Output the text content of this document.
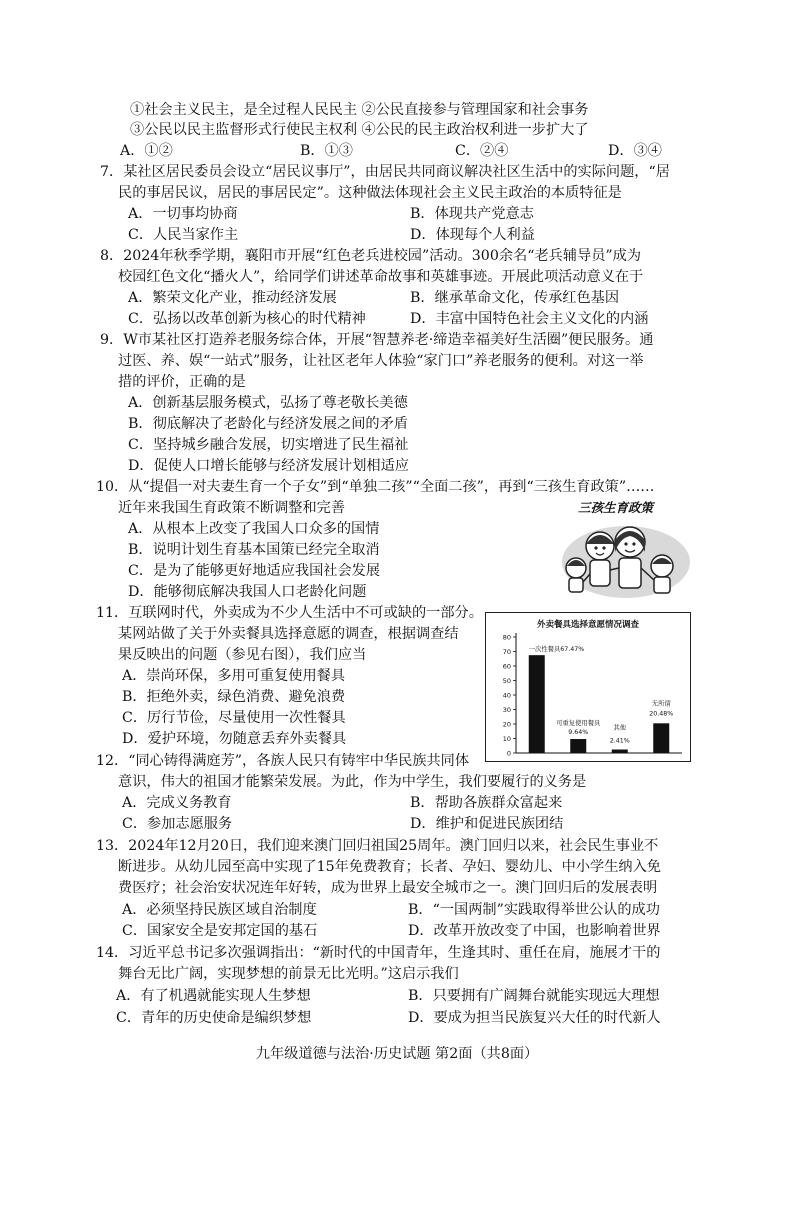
①社会主义民主，是全过程人民民主 ②公民直接参与管理国家和社会事务
③公民以民主监督形式行使民主权利 ④公民的民主政治权利进一步扩大了
A．①②	B．①③	C．②④	D．③④
7．某社区居民委员会设立“居民议事厅”，由居民共同商议解决社区生活中的实际问题，“居
民的事居民议，居民的事居民定”。这种做法体现社会主义民主政治的本质特征是
A．一切事均协商	B．体现共产党意志
C．人民当家作主	D．体现每个人利益
8．2024年秋季学期，襄阳市开展“红色老兵进校园”活动。300余名“老兵辅导员”成为
校园红色文化“播火人”，给同学们讲述革命故事和英雄事迹。开展此项活动意义在于
A．繁荣文化产业，推动经济发展	B．继承革命文化，传承红色基因
C．弘扬以改革创新为核心的时代精神	D．丰富中国特色社会主义文化的内涵
9．W市某社区打造养老服务综合体，开展“智慧养老·缔造幸福美好生活圈”便民服务。通
过医、养、娱“一站式”服务，让社区老年人体验“家门口”养老服务的便利。对这一举
措的评价，正确的是
A．创新基层服务模式，弘扬了尊老敬长美德
B．彻底解决了老龄化与经济发展之间的矛盾
C．坚持城乡融合发展，切实增进了民生福祉
D．促使人口增长能够与经济发展计划相适应
10．从“提倡一对夫妻生育一个子女”到“单独二孩”“全面二孩”，再到“三孩生育政策”……
近年来我国生育政策不断调整和完善
A．从根本上改变了我国人口众多的国情
B．说明计划生育基本国策已经完全取消
C．是为了能够更好地适应我国社会发展
D．能够彻底解决我国人口老龄化问题
三孩生育政策
11．互联网时代，外卖成为不少人生活中不可或缺的一部分。
某网站做了关于外卖餐具选择意愿的调查，根据调查结
果反映出的问题（参见右图），我们应当
A．崇尚环保，多用可重复使用餐具
B．拒绝外卖，绿色消费、避免浪费
C．厉行节俭，尽量使用一次性餐具
D．爱护环境，勿随意丢弃外卖餐具
外卖餐具选择意愿情况调查
0
10
20
30
40
50
60
70
80
一次性餐具67.47%
可重复使用餐具
9.64%
其他
2.41%
无所谓
20.48%
12．“同心铸得满庭芳”，各族人民只有铸牢中华民族共同体
意识，伟大的祖国才能繁荣发展。为此，作为中学生，我们要履行的义务是
A．完成义务教育	B．帮助各族群众富起来
C．参加志愿服务	D．维护和促进民族团结
13．2024年12月20日，我们迎来澳门回归祖国25周年。澳门回归以来，社会民生事业不
断进步。从幼儿园至高中实现了15年免费教育；长者、孕妇、婴幼儿、中小学生纳入免
费医疗；社会治安状况连年好转，成为世界上最安全城市之一。澳门回归后的发展表明
A．必须坚持民族区域自治制度	B．“一国两制”实践取得举世公认的成功
C．国家安全是安邦定国的基石	D．改革开放改变了中国，也影响着世界
14．习近平总书记多次强调指出：“新时代的中国青年，生逢其时、重任在肩，施展才干的
舞台无比广阔，实现梦想的前景无比光明。”这启示我们
A．有了机遇就能实现人生梦想	B．只要拥有广阔舞台就能实现远大理想
C．青年的历史使命是编织梦想	D．要成为担当民族复兴大任的时代新人
九年级道德与法治·历史试题 第2面（共8面）
